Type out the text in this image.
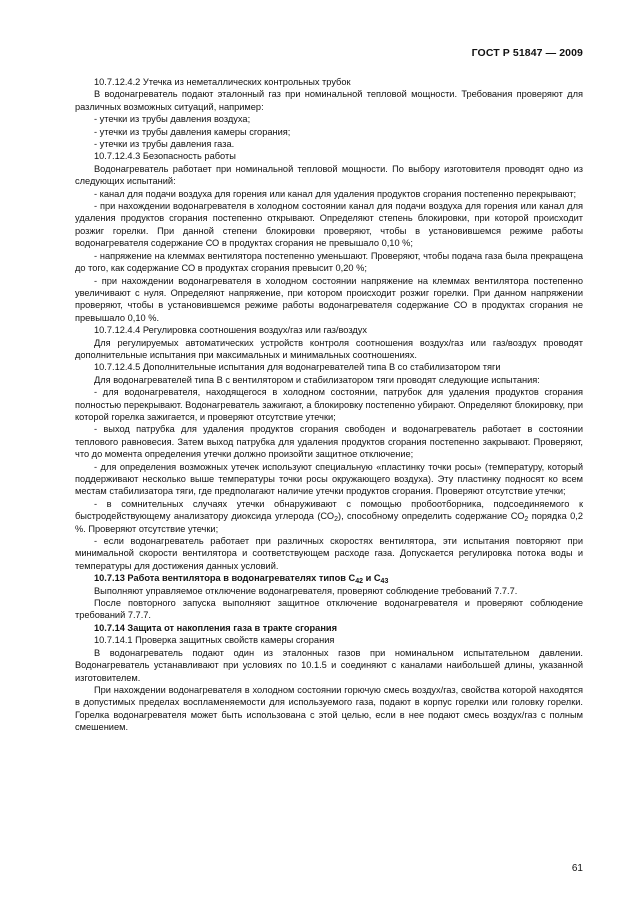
ГОСТ Р 51847 — 2009

10.7.12.4.2 Утечка из неметаллических контрольных трубок

В водонагреватель подают эталонный газ при номинальной тепловой мощности. Требования проверяют для различных возможных ситуаций, например:

- утечки из трубы давления воздуха;

- утечки из трубы давления камеры сгорания;

- утечки из трубы давления газа.

10.7.12.4.3 Безопасность работы

Водонагреватель работает при номинальной тепловой мощности. По выбору изготовителя проводят одно из следующих испытаний:

- канал для подачи воздуха для горения или канал для удаления продуктов сгорания постепенно перекрывают;

- при нахождении водонагревателя в холодном состоянии канал для подачи воздуха для горения или канал для удаления продуктов сгорания постепенно открывают. Определяют степень блокировки, при которой происходит розжиг горелки. При данной степени блокировки проверяют, чтобы в установившемся режиме работы водонагревателя содержание СО в продуктах сгорания не превышало 0,10 %;

- напряжение на клеммах вентилятора постепенно уменьшают. Проверяют, чтобы подача газа была прекращена до того, как содержание СО в продуктах сгорания превысит 0,20 %;

- при нахождении водонагревателя в холодном состоянии напряжение на клеммах вентилятора постепенно увеличивают с нуля. Определяют напряжение, при котором происходит розжиг горелки. При данном напряжении проверяют, чтобы в установившемся режиме работы водонагревателя содержание СО в продуктах сгорания не превышало 0,10 %.

10.7.12.4.4 Регулировка соотношения воздух/газ или газ/воздух

Для регулируемых автоматических устройств контроля соотношения воздух/газ или газ/воздух проводят дополнительные испытания при максимальных и минимальных соотношениях.

10.7.12.4.5 Дополнительные испытания для водонагревателей типа В со стабилизатором тяги

Для водонагревателей типа В с вентилятором и стабилизатором тяги проводят следующие испытания:

- для водонагревателя, находящегося в холодном состоянии, патрубок для удаления продуктов сгорания полностью перекрывают. Водонагреватель зажигают, а блокировку постепенно убирают. Определяют блокировку, при которой горелка зажигается, и проверяют отсутствие утечки;

- выход патрубка для удаления продуктов сгорания свободен и водонагреватель работает в состоянии теплового равновесия. Затем выход патрубка для удаления продуктов сгорания постепенно закрывают. Проверяют, что до момента определения утечки должно произойти защитное отключение;

- для определения возможных утечек используют специальную «пластинку точки росы» (температуру, который поддерживают несколько выше температуры точки росы окружающего воздуха). Эту пластинку подносят ко всем местам стабилизатора тяги, где предполагают наличие утечки продуктов сгорания. Проверяют отсутствие утечки;

- в сомнительных случаях утечки обнаруживают с помощью пробоотборника, подсоединяемого к быстродействующему анализатору диоксида углерода $(СО_2)$, способному определить содержание $СО_2$ порядка 0,2 %. Проверяют отсутствие утечки;

- если водонагреватель работает при различных скоростях вентилятора, эти испытания повторяют при минимальной скорости вентилятора и соответствующем расходе газа. Допускается регулировка потока воды и температуры для достижения данных условий.

10.7.13 Работа вентилятора в водонагревателях типов $С_{42}$ и $С_{43}$

Выполняют управляемое отключение водонагревателя, проверяют соблюдение требований 7.7.7.

После повторного запуска выполняют защитное отключение водонагревателя и проверяют соблюдение требований 7.7.7.

10.7.14 Защита от накопления газа в тракте сгорания

10.7.14.1 Проверка защитных свойств камеры сгорания

В водонагреватель подают один из эталонных газов при номинальном испытательном давлении. Водонагреватель устанавливают при условиях по 10.1.5 и соединяют с каналами наибольшей длины, указанной изготовителем.

При нахождении водонагревателя в холодном состоянии горючую смесь воздух/газ, свойства которой находятся в допустимых пределах воспламеняемости для используемого газа, подают в корпус горелки или головку горелки. Горелка водонагревателя может быть использована с этой целью, если в нее подают смесь воздух/газ с полным смешением.

61
